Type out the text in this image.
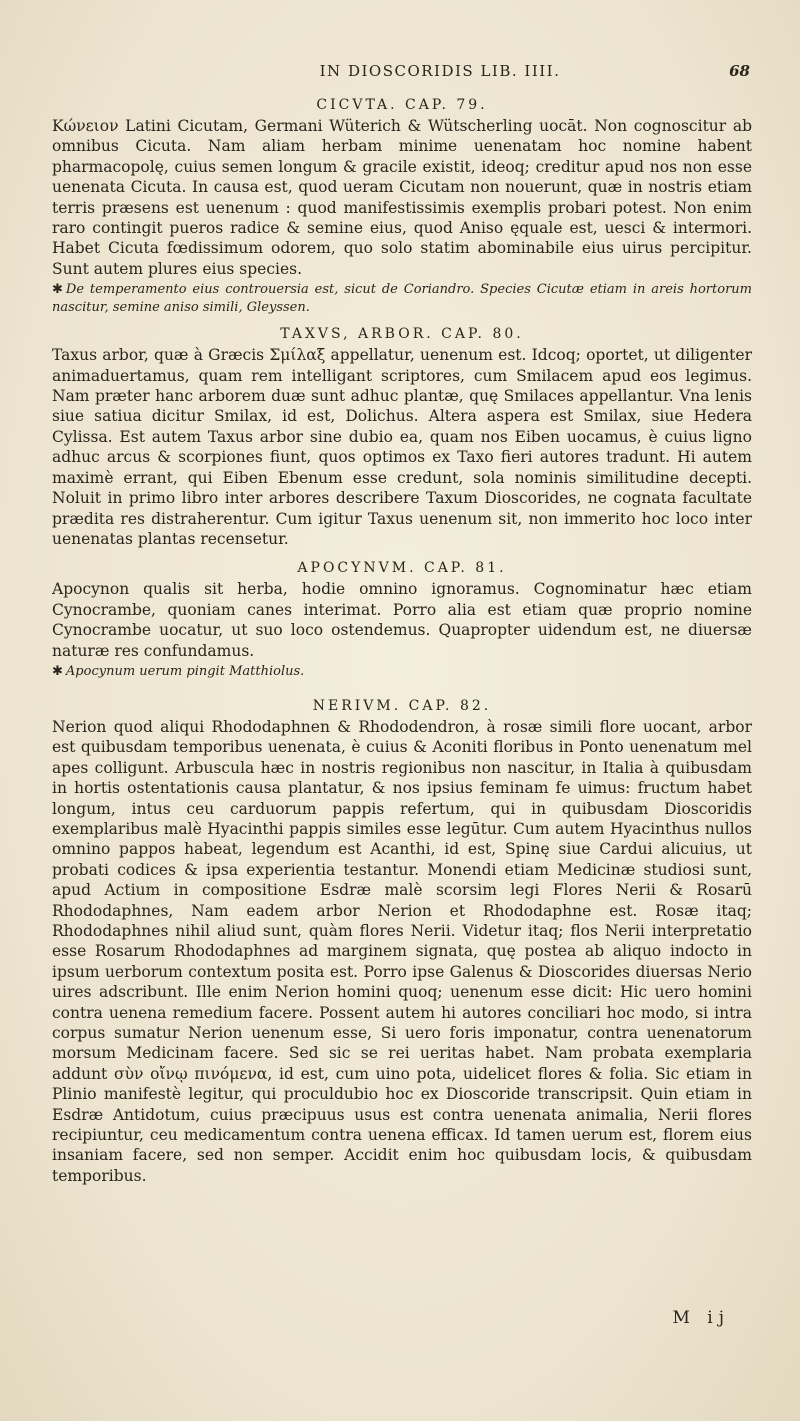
IN DIOSCORIDIS LIB. IIII.	68
CICVTA. CAP. 79.

Κώνειον Latini Cicutam, Germani Wüterich & Wütscherling uocāt. Non cognoscitur ab omnibus Cicuta. Nam aliam herbam minime uenenatam hoc nomine habent pharmacopolę, cuius semen longum & gracile existit, ideoq; creditur apud nos non esse uenenata Cicuta. In causa est, quod ueram Cicutam non nouerunt, quæ in nostris etiam terris præsens est uenenum : quod manifestissimis exemplis probari potest. Non enim raro contingit pueros radice & semine eius, quod Aniso ęquale est, uesci & intermori. Habet Cicuta fœdissimum odorem, quo solo statim abominabile eius uirus percipitur. Sunt autem plures eius species.

✱ De temperamento eius controuersia est, sicut de Coriandro. Species Cicutæ etiam in areis hortorum nascitur, semine aniso simili, Gleyssen.

TAXVS, ARBOR. CAP. 80.

Taxus arbor, quæ à Græcis Σμίλαξ appellatur, uenenum est. Idcoq; oportet, ut diligenter animaduertamus, quam rem intelligant scriptores, cum Smilacem apud eos legimus. Nam præter hanc arborem duæ sunt adhuc plantæ, quę Smilaces appellantur. Vna lenis siue satiua dicitur Smilax, id est, Dolichus. Altera aspera est Smilax, siue Hedera Cylissa. Est autem Taxus arbor sine dubio ea, quam nos Eiben uocamus, è cuius ligno adhuc arcus & scorpiones fiunt, quos optimos ex Taxo fieri autores tradunt. Hi autem maximè errant, qui Eiben Ebenum esse credunt, sola nominis similitudine decepti. Noluit in primo libro inter arbores describere Taxum Dioscorides, ne cognata facultate prædita res distraherentur. Cum igitur Taxus uenenum sit, non immerito hoc loco inter uenenatas plantas recensetur.

APOCYNVM. CAP. 81.

Apocynon qualis sit herba, hodie omnino ignoramus. Cognominatur hæc etiam Cynocrambe, quoniam canes interimat. Porro alia est etiam quæ proprio nomine Cynocrambe uocatur, ut suo loco ostendemus. Quapropter uidendum est, ne diuersæ naturæ res confundamus.

✱ Apocynum uerum pingit Matthiolus.

NERIVM. CAP. 82.

Nerion quod aliqui Rhododaphnen & Rhododendron, à rosæ simili flore uocant, arbor est quibusdam temporibus uenenata, è cuius & Aconiti floribus in Ponto uenenatum mel apes colligunt. Arbuscula hæc in nostris regionibus non nascitur, in Italia à quibusdam in hortis ostentationis causa plantatur, & nos ipsius feminam fe uimus: fructum habet longum, intus ceu carduorum pappis refertum, qui in quibusdam Dioscoridis exemplaribus malè Hyacinthi pappis similes esse legūtur. Cum autem Hyacinthus nullos omnino pappos habeat, legendum est Acanthi, id est, Spinę siue Cardui alicuius, ut probati codices & ipsa experientia testantur. Monendi etiam Medicinæ studiosi sunt, apud Actium in compositione Esdræ malè scorsim legi Flores Nerii & Rosarū Rhododaphnes, Nam eadem arbor Nerion et Rhododaphne est. Rosæ itaq; Rhododaphnes nihil aliud sunt, quàm flores Nerii. Videtur itaq; flos Nerii interpretatio esse Rosarum Rhododaphnes ad marginem signata, quę postea ab aliquo indocto in ipsum uerborum contextum posita est. Porro ipse Galenus & Dioscorides diuersas Nerio uires adscribunt. Ille enim Nerion homini quoq; uenenum esse dicit: Hic uero homini contra uenena remedium facere. Possent autem hi autores conciliari hoc modo, si intra corpus sumatur Nerion uenenum esse, Si uero foris imponatur, contra uenenatorum morsum Medicinam facere. Sed sic se rei ueritas habet. Nam probata exemplaria addunt σὺν οἴνῳ πινόμενα, id est, cum uino pota, uidelicet flores & folia. Sic etiam in Plinio manifestè legitur, qui proculdubio hoc ex Dioscoride transcripsit. Quin etiam in Esdræ Antidotum, cuius præcipuus usus est contra uenenata animalia, Nerii flores recipiuntur, ceu medicamentum contra uenena efficax. Id tamen uerum est, florem eius insaniam facere, sed non semper. Accidit enim hoc quibusdam locis, & quibusdam temporibus.

M ij
